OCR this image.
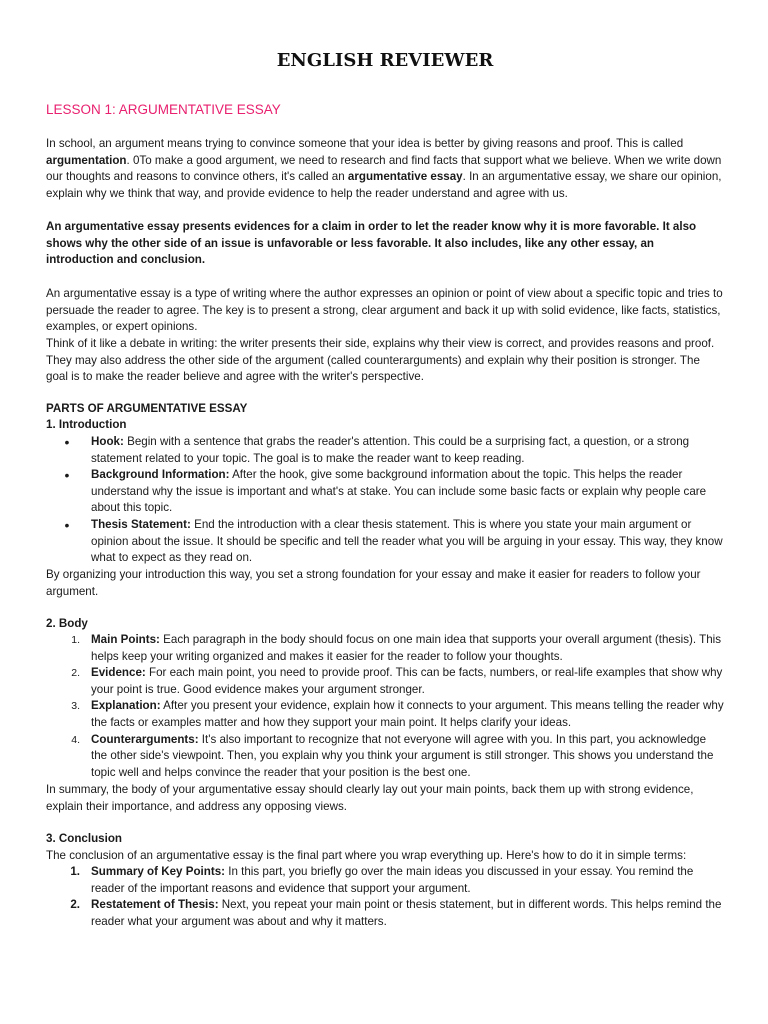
ENGLISH REVIEWER
LESSON 1: ARGUMENTATIVE ESSAY

In school, an argument means trying to convince someone that your idea is better by giving reasons and proof. This is called argumentation. 0To make a good argument, we need to research and find facts that support what we believe. When we write down our thoughts and reasons to convince others, it's called an argumentative essay. In an argumentative essay, we share our opinion, explain why we think that way, and provide evidence to help the reader understand and agree with us.

An argumentative essay presents evidences for a claim in order to let the reader know why it is more favorable. It also shows why the other side of an issue is unfavorable or less favorable. It also includes, like any other essay, an introduction and conclusion.

An argumentative essay is a type of writing where the author expresses an opinion or point of view about a specific topic and tries to persuade the reader to agree. The key is to present a strong, clear argument and back it up with solid evidence, like facts, statistics, examples, or expert opinions.

Think of it like a debate in writing: the writer presents their side, explains why their view is correct, and provides reasons and proof. They may also address the other side of the argument (called counterarguments) and explain why their position is stronger. The goal is to make the reader believe and agree with the writer's perspective.

PARTS OF ARGUMENTATIVE ESSAY

1. Introduction

• Hook: Begin with a sentence that grabs the reader's attention. This could be a surprising fact, a question, or a strong statement related to your topic. The goal is to make the reader want to keep reading.
• Background Information: After the hook, give some background information about the topic. This helps the reader understand why the issue is important and what's at stake. You can include some basic facts or explain why people care about this topic.
• Thesis Statement: End the introduction with a clear thesis statement. This is where you state your main argument or opinion about the issue. It should be specific and tell the reader what you will be arguing in your essay. This way, they know what to expect as they read on.

By organizing your introduction this way, you set a strong foundation for your essay and make it easier for readers to follow your argument.

2. Body

1. Main Points: Each paragraph in the body should focus on one main idea that supports your overall argument (thesis). This helps keep your writing organized and makes it easier for the reader to follow your thoughts.
2. Evidence: For each main point, you need to provide proof. This can be facts, numbers, or real-life examples that show why your point is true. Good evidence makes your argument stronger.
3. Explanation: After you present your evidence, explain how it connects to your argument. This means telling the reader why the facts or examples matter and how they support your main point. It helps clarify your ideas.
4. Counterarguments: It's also important to recognize that not everyone will agree with you. In this part, you acknowledge the other side's viewpoint. Then, you explain why you think your argument is still stronger. This shows you understand the topic well and helps convince the reader that your position is the best one.

In summary, the body of your argumentative essay should clearly lay out your main points, back them up with strong evidence, explain their importance, and address any opposing views.

3. Conclusion

The conclusion of an argumentative essay is the final part where you wrap everything up. Here's how to do it in simple terms:

1. Summary of Key Points: In this part, you briefly go over the main ideas you discussed in your essay. You remind the reader of the important reasons and evidence that support your argument.
2. Restatement of Thesis: Next, you repeat your main point or thesis statement, but in different words. This helps remind the reader what your argument was about and why it matters.
